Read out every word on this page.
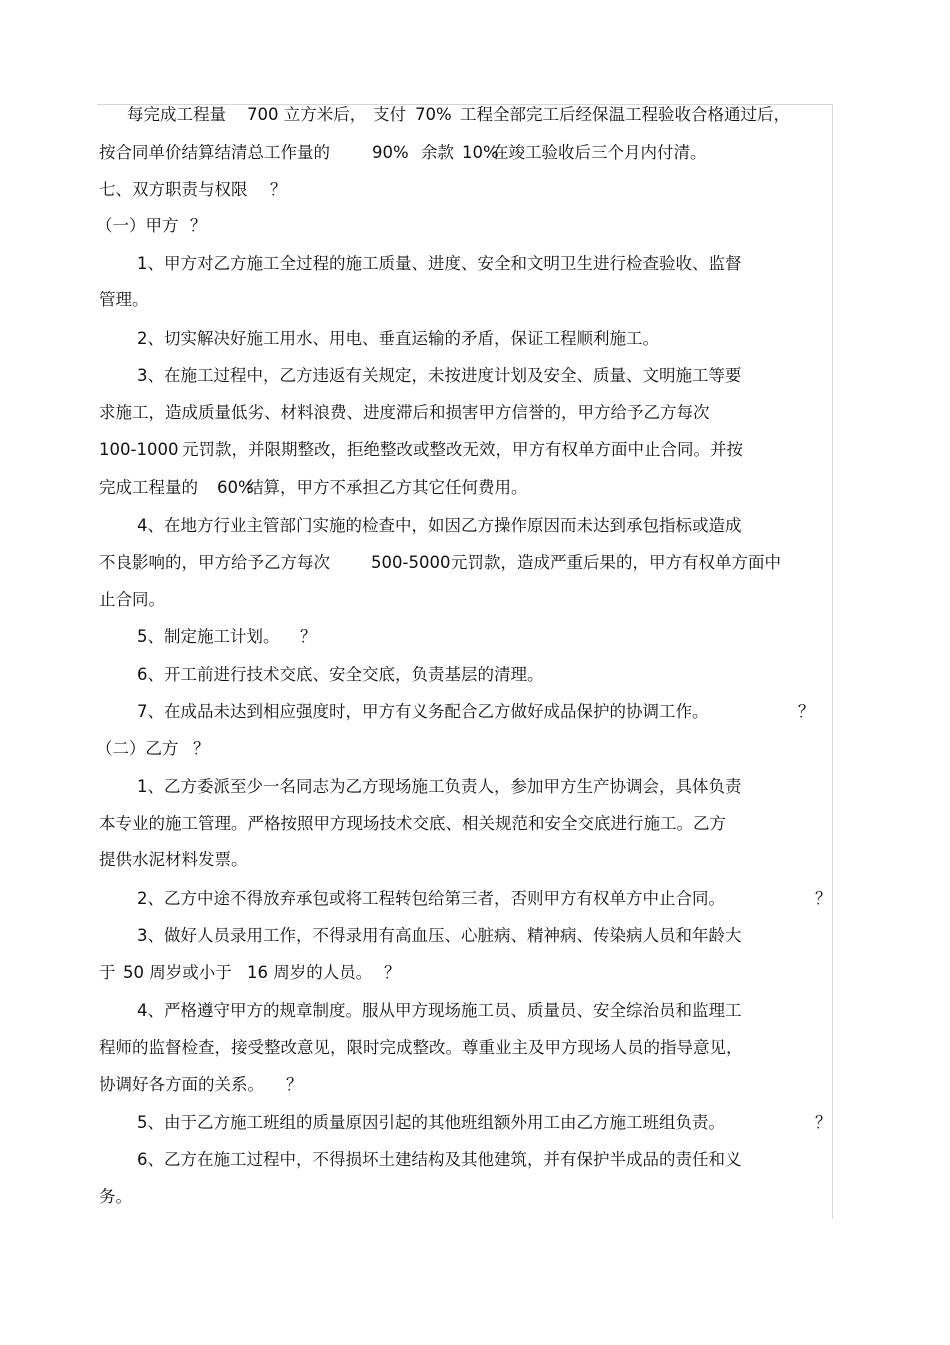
每完成工程量 700 立方米后， 支付 70% 工程全部完工后经保温工程验收合格通过后，

按合同单价结算结清总工作量的	90% 余款 10%
在竣工验收后三个月内付清。

七、双方职责与权限 ？

（一）甲方 ？

1、甲方对乙方施工全过程的施工质量、进度、安全和文明卫生进行检查验收、监督

管理。

2、切实解决好施工用水、用电、垂直运输的矛盾，保证工程顺利施工。

3、在施工过程中，乙方违返有关规定，未按进度计划及安全、质量、文明施工等要

求施工，造成质量低劣、材料浪费、进度滞后和损害甲方信誉的，甲方给予乙方每次

100-1000 元罚款，并限期整改，拒绝整改或整改无效，甲方有权单方面中止合同。并按

完成工程量的 60%
结算，甲方不承担乙方其它任何费用。

4、在地方行业主管部门实施的检查中，如因乙方操作原因而未达到承包指标或造成

不良影响的，甲方给予乙方每次 500-5000 元罚款，造成严重后果的，甲方有权单方面中

止合同。

5、制定施工计划。 ？

6、开工前进行技术交底、安全交底，负责基层的清理。

7、在成品未达到相应强度时，甲方有义务配合乙方做好成品保护的协调工作。	？

（二）乙方 ？

1、乙方委派至少一名同志为乙方现场施工负责人，参加甲方生产协调会，具体负责

本专业的施工管理。严格按照甲方现场技术交底、相关规范和安全交底进行施工。乙方

提供水泥材料发票。

2、乙方中途不得放弃承包或将工程转包给第三者，否则甲方有权单方中止合同。	？

3、做好人员录用工作，不得录用有高血压、心脏病、精神病、传染病人员和年龄大

于 50 周岁或小于 16 周岁的人员。 ？

4、严格遵守甲方的规章制度。服从甲方现场施工员、质量员、安全综治员和监理工

程师的监督检查，接受整改意见，限时完成整改。尊重业主及甲方现场人员的指导意见，

协调好各方面的关系。 ？

5、由于乙方施工班组的质量原因引起的其他班组额外用工由乙方施工班组负责。	？

6、乙方在施工过程中，不得损坏土建结构及其他建筑，并有保护半成品的责任和义

务。
